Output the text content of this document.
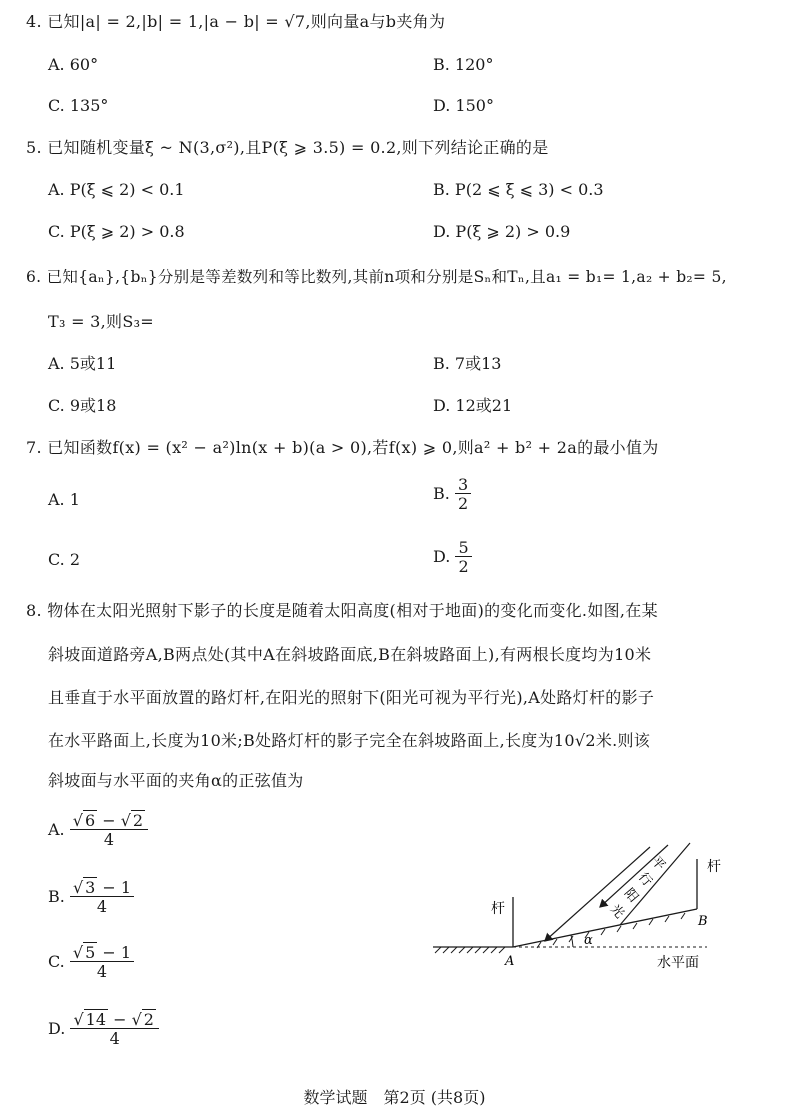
4. 已知|a| = 2,|b| = 1,|a − b| = √7,则向量a与b夹角为
A. 60°	B. 120°
C. 135°	D. 150°
5. 已知随机变量ξ ~ N(3,σ²),且P(ξ ⩾ 3.5) = 0.2,则下列结论正确的是
A. P(ξ ⩽ 2) < 0.1	B. P(2 ⩽ ξ ⩽ 3) < 0.3
C. P(ξ ⩾ 2) > 0.8	D. P(ξ ⩾ 2) > 0.9
6. 已知{aₙ},{bₙ}分别是等差数列和等比数列,其前n项和分别是Sₙ和Tₙ,且a₁ = b₁= 1,a₂ + b₂= 5,
T₃ = 3,则S₃=
A. 5或11	B. 7或13
C. 9或18	D. 12或21
7. 已知函数f(x) = (x² − a²)ln(x + b)(a > 0),若f(x) ⩾ 0,则a² + b² + 2a的最小值为
A. 1	B. $\frac{3}{2}$
C. 2	D. $\frac{5}{2}$
8. 物体在太阳光照射下影子的长度是随着太阳高度(相对于地面)的变化而变化.如图,在某
斜坡面道路旁A,B两点处(其中A在斜坡路面底,B在斜坡路面上),有两根长度均为10米
且垂直于水平面放置的路灯杆,在阳光的照射下(阳光可视为平行光),A处路灯杆的影子
在水平路面上,长度为10米;B处路灯杆的影子完全在斜坡路面上,长度为10√2米.则该
斜坡面与水平面的夹角α的正弦值为
A. $\frac{√ 6 - √ 2}{4}$
B. $\frac{√ 3 - 1}{4}$
C. $\frac{√ 5 - 1}{4}$
D. $\frac{√ 14 - √ 2}{4}$
杆
杆
平
行
阳
光
A
B
α
水平面
数学试题　第2页 (共8页)
